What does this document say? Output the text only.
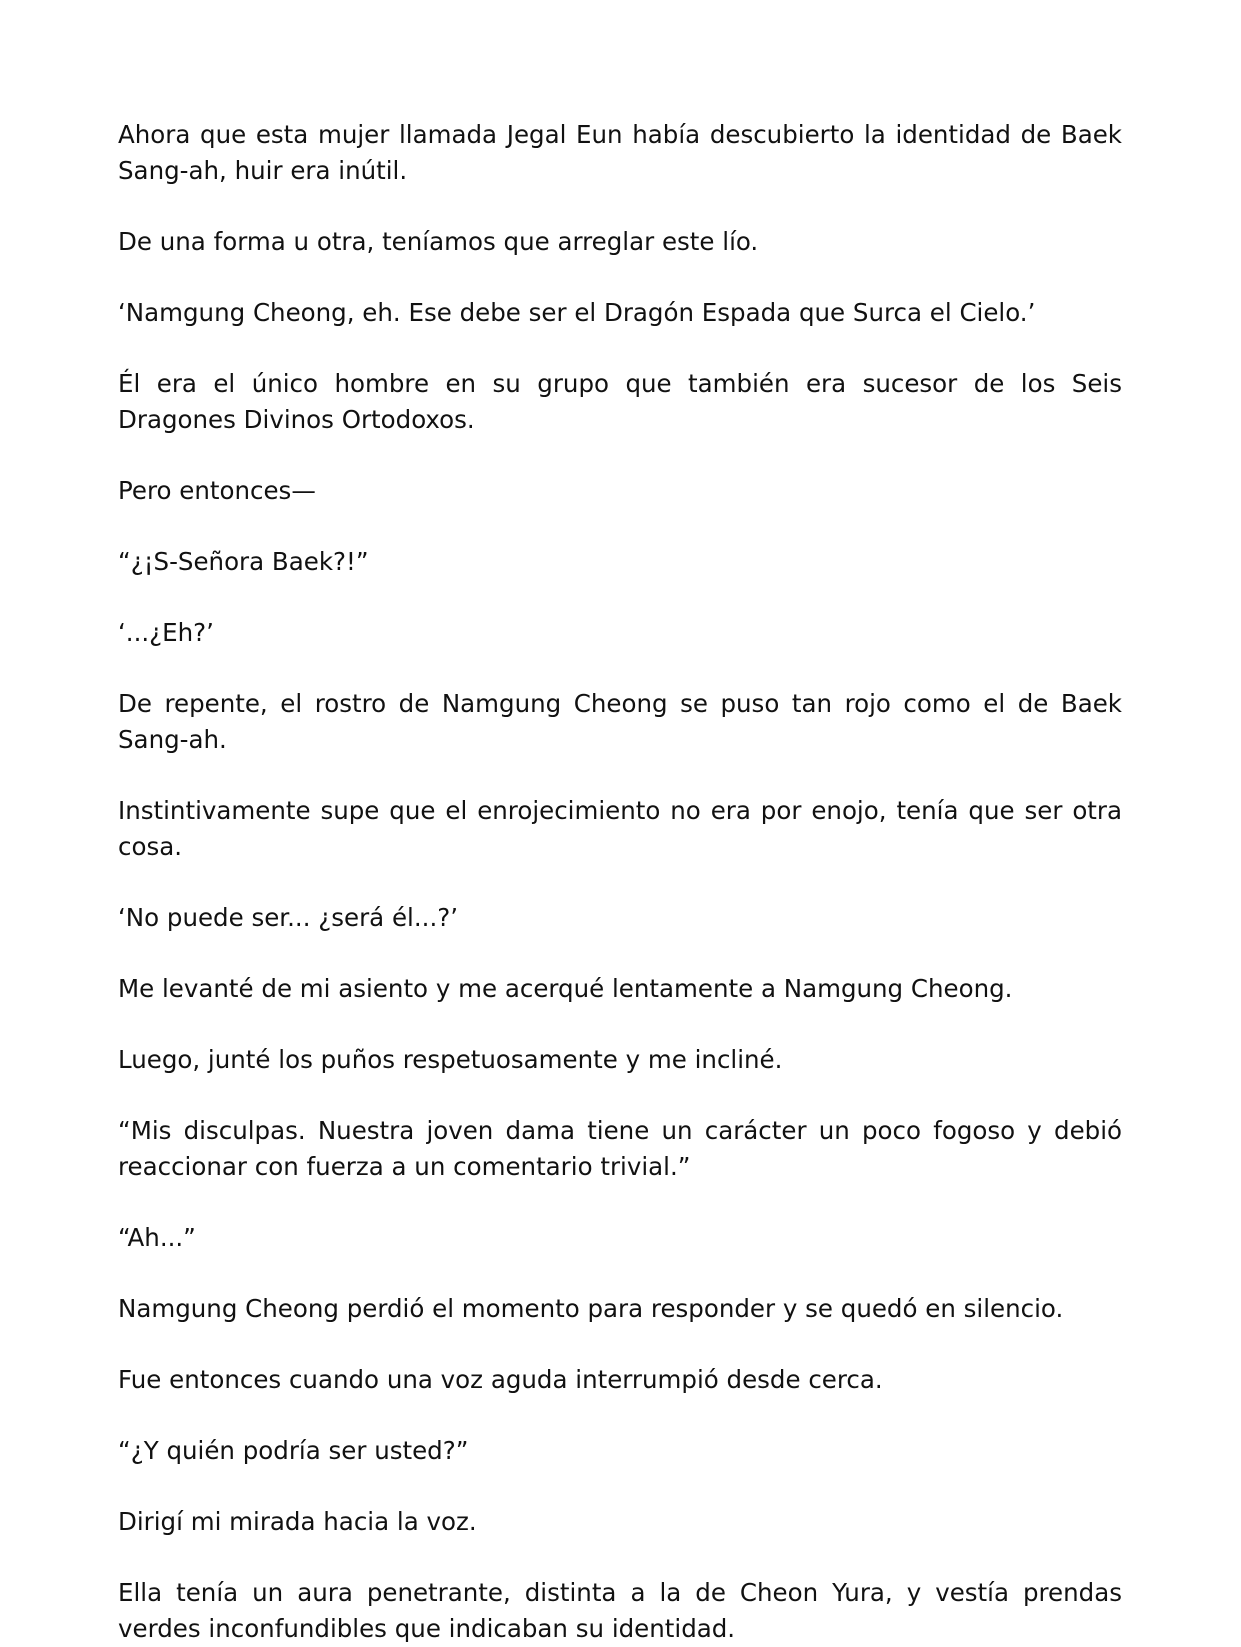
Ahora que esta mujer llamada Jegal Eun había descubierto la identidad de Baek Sang-ah, huir era inútil.

De una forma u otra, teníamos que arreglar este lío.

‘Namgung Cheong, eh. Ese debe ser el Dragón Espada que Surca el Cielo.’

Él era el único hombre en su grupo que también era sucesor de los Seis Dragones Divinos Ortodoxos.

Pero entonces—

“¿¡S-Señora Baek?!”

‘...¿Eh?’

De repente, el rostro de Namgung Cheong se puso tan rojo como el de Baek Sang-ah.

Instintivamente supe que el enrojecimiento no era por enojo, tenía que ser otra cosa.

‘No puede ser... ¿será él...?’

Me levanté de mi asiento y me acerqué lentamente a Namgung Cheong.

Luego, junté los puños respetuosamente y me incliné.

“Mis disculpas. Nuestra joven dama tiene un carácter un poco fogoso y debió reaccionar con fuerza a un comentario trivial.”

“Ah...”

Namgung Cheong perdió el momento para responder y se quedó en silencio.

Fue entonces cuando una voz aguda interrumpió desde cerca.

“¿Y quién podría ser usted?”

Dirigí mi mirada hacia la voz.

Ella tenía un aura penetrante, distinta a la de Cheon Yura, y vestía prendas verdes inconfundibles que indicaban su identidad.
